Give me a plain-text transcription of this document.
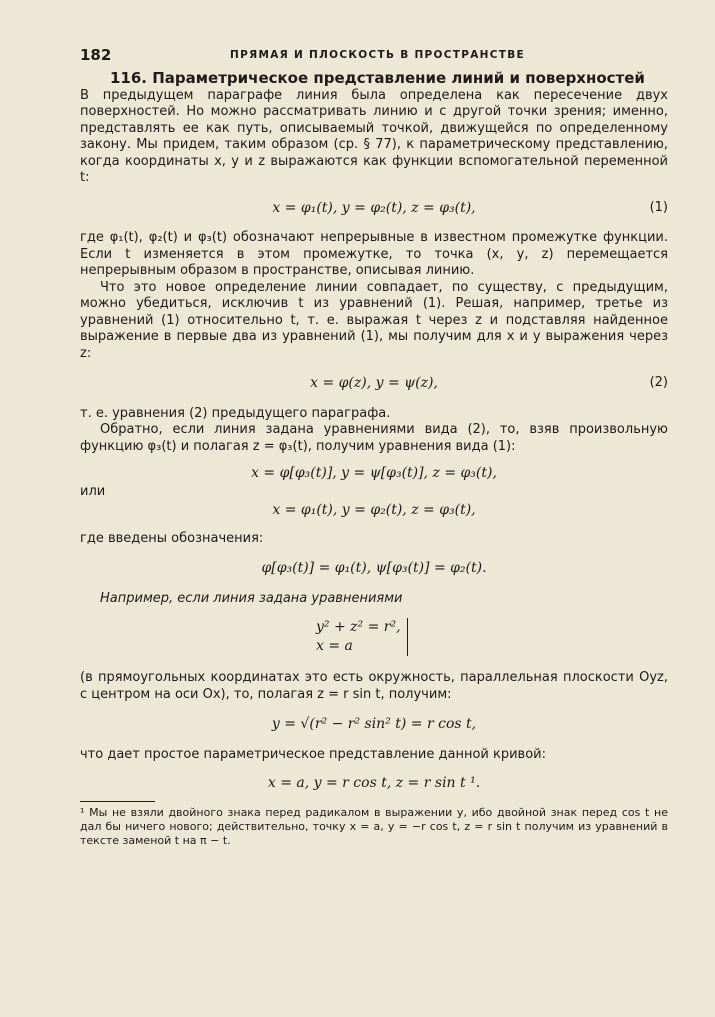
182	ПРЯМАЯ И ПЛОСКОСТЬ В ПРОСТРАНСТВЕ
116. Параметрическое представление линий и поверхностей

В предыдущем параграфе линия была определена как пересечение двух поверхностей. Но можно рассматривать линию и с другой точки зрения; именно, представлять ее как путь, описываемый точкой, движущейся по определенному закону. Мы придем, таким образом (ср. § 77), к параметрическому представлению, когда координаты x, y и z выражаются как функции вспомогательной переменной t:

x = φ₁(t), y = φ₂(t), z = φ₃(t),	(1)

где φ₁(t), φ₂(t) и φ₃(t) обозначают непрерывные в известном промежутке функции. Если t изменяется в этом промежутке, то точка (x, y, z) перемещается непрерывным образом в пространстве, описывая линию.

Что это новое определение линии совпадает, по существу, с предыдущим, можно убедиться, исключив t из уравнений (1). Решая, например, третье из уравнений (1) относительно t, т. е. выражая t через z и подставляя найденное выражение в первые два из уравнений (1), мы получим для x и y выражения через z:

x = φ(z), y = ψ(z),	(2)

т. е. уравнения (2) предыдущего параграфа.

Обратно, если линия задана уравнениями вида (2), то, взяв произвольную функцию φ₃(t) и полагая z = φ₃(t), получим уравнения вида (1):

x = φ[φ₃(t)], y = ψ[φ₃(t)], z = φ₃(t),

или

x = φ₁(t), y = φ₂(t), z = φ₃(t),

где введены обозначения:

φ[φ₃(t)] = φ₁(t), ψ[φ₃(t)] = φ₂(t).

Например, если линия задана уравнениями

y² + z² = r²,
x = a

(в прямоугольных координатах это есть окружность, параллельная плоскости Oyz, с центром на оси Ox), то, полагая z = r sin t, получим:

y = √(r² − r² sin² t) = r cos t,

что дает простое параметрическое представление данной кривой:

x = a, y = r cos t, z = r sin t ¹.

¹ Мы не взяли двойного знака перед радикалом в выражении y, ибо двойной знак перед cos t не дал бы ничего нового; действительно, точку x = a, y = −r cos t, z = r sin t получим из уравнений в тексте заменой t на π − t.
